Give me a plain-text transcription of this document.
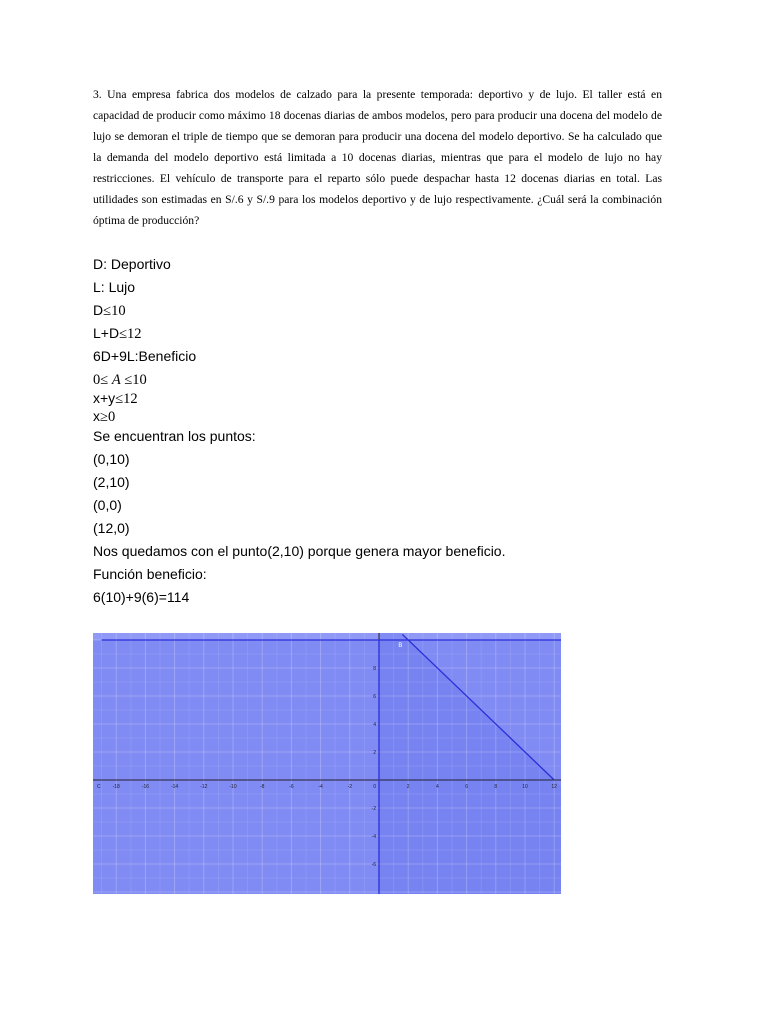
3. Una empresa fabrica dos modelos de calzado para la presente temporada: deportivo y de lujo. El taller está en capacidad de producir como máximo 18 docenas diarias de ambos modelos, pero para producir una docena del modelo de lujo se demoran el triple de tiempo que se demoran para producir una docena del modelo deportivo. Se ha calculado que la demanda del modelo deportivo está limitada a 10 docenas diarias, mientras que para el modelo de lujo no hay restricciones. El vehículo de transporte para el reparto sólo puede despachar hasta 12 docenas diarias en total. Las utilidades son estimadas en S/.6 y S/.9 para los modelos deportivo y de lujo respectivamente. ¿Cuál será la combinación óptima de producción?

D: Deportivo
L: Lujo
D≤10
L+D≤12
6D+9L:Beneficio
0≤ A ≤10
x+y≤12
x≥0
Se encuentran los puntos:
(0,10)
(2,10)
(0,0)
(12,0)
Nos quedamos con el punto(2,10) porque genera mayor beneficio.
Función beneficio:
6(10)+9(6)=114
-18	-16	-14	-12	-10	-8	-6	-4	-2	2	4	6	8	10	12
2
4
6
8
-2
-4
-6
0
C
B
